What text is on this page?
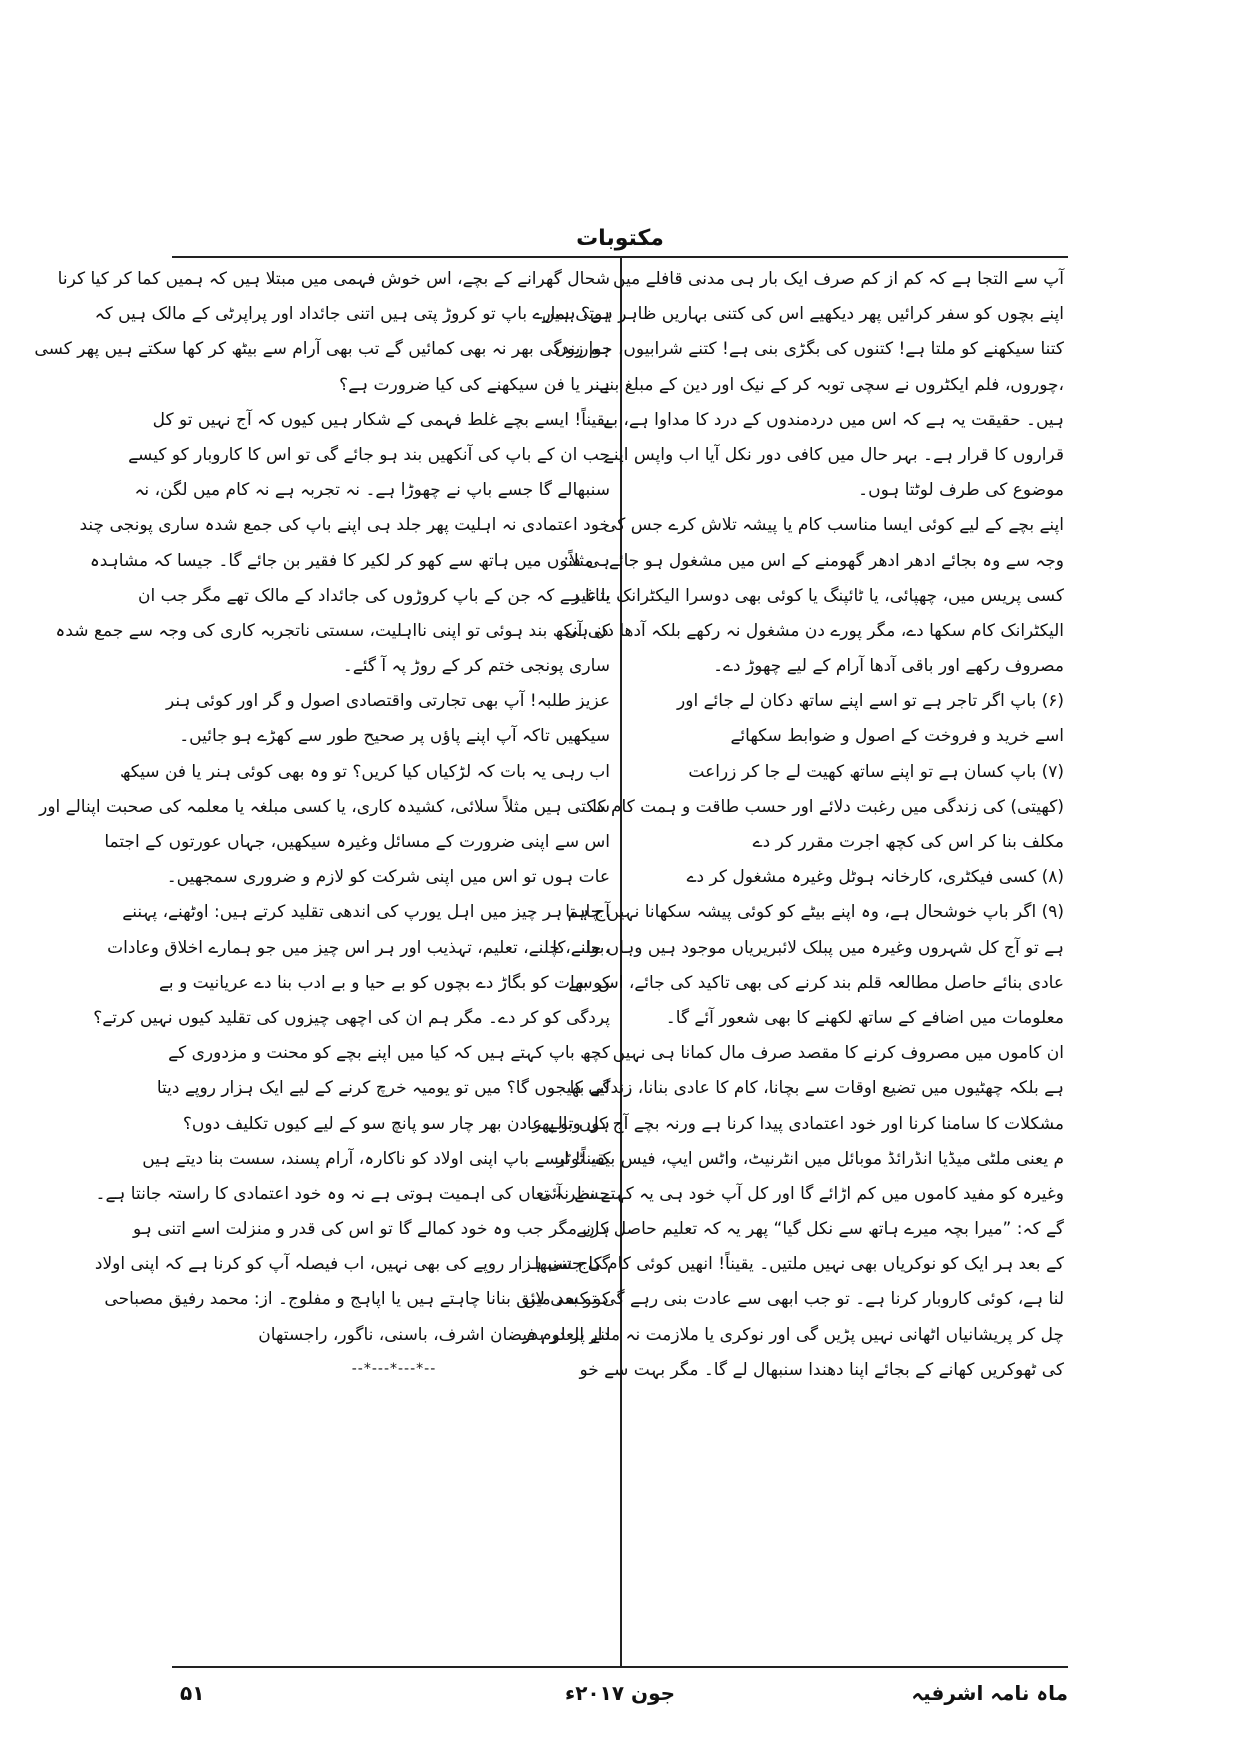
مکتوبات
آپ سے التجا ہے کہ کم از کم صرف ایک بار ہی مدنی قافلے میں
اپنے بچوں کو سفر کرائیں پھر دیکھیے اس کی کتنی بہاریں ظاہر ہوتی ہیں
کتنا سیکھنے کو ملتا ہے! کتنوں کی بگڑی بنی ہے! کتنے شرابیوں، جواریوں
،چوروں، فلم ایکٹروں نے سچی توبہ کر کے نیک اور دین کے مبلغ بنے
ہیں۔ حقیقت یہ ہے کہ اس میں دردمندوں کے درد کا مداوا ہے، بے
قراروں کا قرار ہے۔ بہر حال میں کافی دور نکل آیا اب واپس اپنے
موضوع کی طرف لوٹتا ہوں۔
اپنے بچے کے لیے کوئی ایسا مناسب کام یا پیشہ تلاش کرے جس کی
وجہ سے وہ بجائے ادھر ادھر گھومنے کے اس میں مشغول ہو جائے۔ مثلاً:
کسی پریس میں، چھپائی، یا ٹائپنگ یا کوئی بھی دوسرا الیکٹرانک یا غیر
الیکٹرانک کام سکھا دے، مگر پورے دن مشغول نہ رکھے بلکہ آدھا دن ہی
مصروف رکھے اور باقی آدھا آرام کے لیے چھوڑ دے۔
(۶) باپ اگر تاجر ہے تو اسے اپنے ساتھ دکان لے جائے اور
اسے خرید و فروخت کے اصول و ضوابط سکھائے
(۷) باپ کسان ہے تو اپنے ساتھ کھیت لے جا کر زراعت
(کھیتی) کی زندگی میں رغبت دلائے اور حسب طاقت و ہمت کام کا
مکلف بنا کر اس کی کچھ اجرت مقرر کر دے
(۸) کسی فیکٹری، کارخانہ ہوٹل وغیرہ مشغول کر دے
(۹) اگر باپ خوشحال ہے، وہ اپنے بیٹے کو کوئی پیشہ سکھانا نہیں چاہتا
ہے تو آج کل شہروں وغیرہ میں پبلک لائبریریاں موجود ہیں وہاں جانے کا
عادی بنائے حاصل مطالعہ قلم بند کرنے کی بھی تاکید کی جائے، اس سے
معلومات میں اضافے کے ساتھ لکھنے کا بھی شعور آئے گا۔
ان کاموں میں مصروف کرنے کا مقصد صرف مال کمانا ہی نہیں
ہے بلکہ چھٹیوں میں تضیع اوقات سے بچانا، کام کا عادی بنانا، زندگی کا
مشکلات کا سامنا کرنا اور خود اعتمادی پیدا کرنا ہے ورنہ بچے آج کل وبالے عا
م یعنی ملٹی میڈیا انڈرائڈ موبائل میں انٹرنیٹ، واٹس ایپ، فیس بک، ٹوٹر
وغیرہ کو مفید کاموں میں کم اڑائے گا اور کل آپ خود ہی یہ کہتے نظر آئی
گے کہ: ”میرا بچہ میرے ہاتھ سے نکل گیا“ پھر یہ کہ تعلیم حاصل کرنے
کے بعد ہر ایک کو نوکریاں بھی نہیں ملتیں۔ یقیناً! انھیں کوئی کام کاج سنبھا
لنا ہے، کوئی کاروبار کرنا ہے۔ تو جب ابھی سے عادت بنی رہے گی تو بعد میں
چل کر پریشانیاں اٹھانی نہیں پڑیں گی اور نوکری یا ملازمت نہ ملنے پر در بدر
کی ٹھوکریں کھانے کے بجائے اپنا دھندا سنبھال لے گا۔ مگر بہت سے خو
شحال گھرانے کے بچے، اس خوش فہمی میں مبتلا ہیں کہ ہمیں کما کر کیا کرنا
ہے؟ ہمارے باپ تو کروڑ پتی ہیں اتنی جائداد اور پراپرٹی کے مالک ہیں کہ
ہم زندگی بھر نہ بھی کمائیں گے تب بھی آرام سے بیٹھ کر کھا سکتے ہیں پھر کسی
ہنر یا فن سیکھنے کی کیا ضرورت ہے؟
یقیناً! ایسے بچے غلط فہمی کے شکار ہیں کیوں کہ آج نہیں تو کل
جب ان کے باپ کی آنکھیں بند ہو جائے گی تو اس کا کاروبار کو کیسے
سنبھالے گا جسے باپ نے چھوڑا ہے۔ نہ تجربہ ہے نہ کام میں لگن، نہ
خود اعتمادی نہ اہلیت پھر جلد ہی اپنے باپ کی جمع شدہ ساری پونجی چند
ہی دنوں میں ہاتھ سے کھو کر لکیر کا فقیر بن جائے گا۔ جیسا کہ مشاہدہ
بتاتا ہے کہ جن کے باپ کروڑوں کی جائداد کے مالک تھے مگر جب ان
کی آنکھ بند ہوئی تو اپنی نااہلیت، سستی ناتجربہ کاری کی وجہ سے جمع شدہ
ساری پونجی ختم کر کے روڑ پہ آ گئے۔
عزیز طلبہ! آپ بھی تجارتی واقتصادی اصول و گر اور کوئی ہنر
سیکھیں تاکہ آپ اپنے پاؤں پر صحیح طور سے کھڑے ہو جائیں۔
اب رہی یہ بات کہ لڑکیاں کیا کریں؟ تو وہ بھی کوئی ہنر یا فن سیکھ
سکتی ہیں مثلاً سلائی، کشیدہ کاری، یا کسی مبلغہ یا معلمہ کی صحبت اپنالے اور
اس سے اپنی ضرورت کے مسائل وغیرہ سیکھیں، جہاں عورتوں کے اجتما
عات ہوں تو اس میں اپنی شرکت کو لازم و ضروری سمجھیں۔
آج ہم ہر چیز میں اہل یورپ کی اندھی تقلید کرتے ہیں: اوٹھنے، پہننے
،بولنے، چلنے، تعلیم، تہذیب اور ہر اس چیز میں جو ہمارے اخلاق وعادات
کو بھات کو بگاڑ دے بچوں کو بے حیا و بے ادب بنا دے عریانیت و بے
پردگی کو کر دے۔ مگر ہم ان کی اچھی چیزوں کی تقلید کیوں نہیں کرتے؟
کچھ باپ کہتے ہیں کہ کیا میں اپنے بچے کو محنت و مزدوری کے
لیے بھیجوں گا؟ میں تو یومیہ خرچ کرنے کے لیے ایک ہزار روپے دیتا
ہوں تو پھر دن بھر چار سو پانچ سو کے لیے کیوں تکلیف دوں؟
یقیناً! ایسے باپ اپنی اولاد کو ناکارہ، آرام پسند، سست بنا دیتے ہیں
جسے نہ تعاں کی اہمیت ہوتی ہے نہ وہ خود اعتمادی کا راستہ جانتا ہے۔
ہاں مگر جب وہ خود کمالے گا تو اس کی قدر و منزلت اسے اتنی ہو
گی جتنی ہزار روپے کی بھی نہیں، اب فیصلہ آپ کو کرنا ہے کہ اپنی اولاد
کو کسی لائق بنانا چاہتے ہیں یا اپاہج و مفلوج۔ از: محمد رفیق مصباحی
دار العلوم فیضان اشرف، باسنی، ناگور، راجستھان
--*---*---*--
ماہ نامہ اشرفیہ
جون ۲۰۱۷ء
۵۱
